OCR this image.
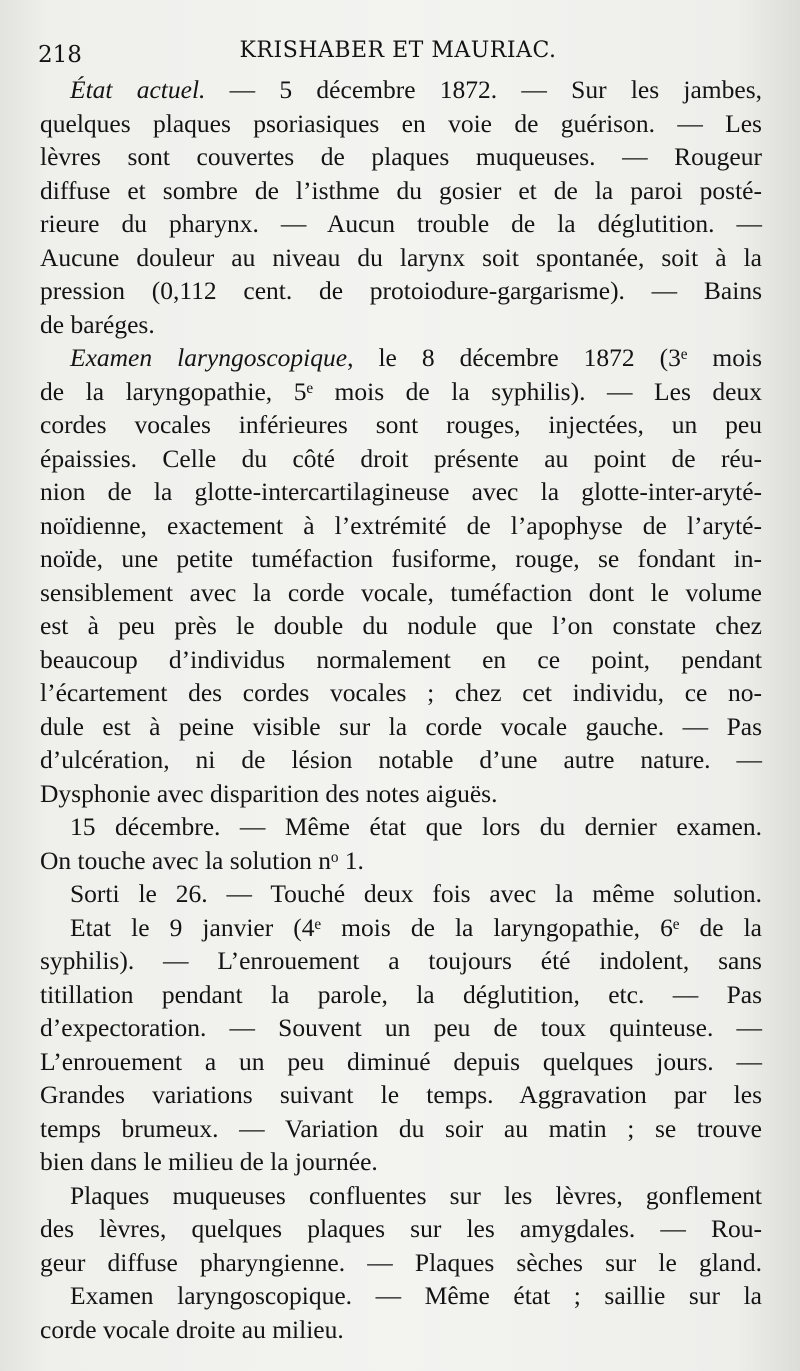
218	KRISHABER ET MAURIAC.
État actuel. — 5 décembre 1872. — Sur les jambes,
quelques plaques psoriasiques en voie de guérison. — Les
lèvres sont couvertes de plaques muqueuses. — Rougeur
diffuse et sombre de l’isthme du gosier et de la paroi posté-
rieure du pharynx. — Aucun trouble de la déglutition. —
Aucune douleur au niveau du larynx soit spontanée, soit à la
pression (0,112 cent. de protoiodure-gargarisme). — Bains
de baréges.
Examen laryngoscopique, le 8 décembre 1872 (3ᵉ mois
de la laryngopathie, 5ᵉ mois de la syphilis). — Les deux
cordes vocales inférieures sont rouges, injectées, un peu
épaissies. Celle du côté droit présente au point de réu-
nion de la glotte-intercartilagineuse avec la glotte-inter-aryté-
noïdienne, exactement à l’extrémité de l’apophyse de l’aryté-
noïde, une petite tuméfaction fusiforme, rouge, se fondant in-
sensiblement avec la corde vocale, tuméfaction dont le volume
est à peu près le double du nodule que l’on constate chez
beaucoup d’individus normalement en ce point, pendant
l’écartement des cordes vocales ; chez cet individu, ce no-
dule est à peine visible sur la corde vocale gauche. — Pas
d’ulcération, ni de lésion notable d’une autre nature. —
Dysphonie avec disparition des notes aiguës.
15 décembre. — Même état que lors du dernier examen.
On touche avec la solution nᵒ 1.
Sorti le 26. — Touché deux fois avec la même solution.
Etat le 9 janvier (4ᵉ mois de la laryngopathie, 6ᵉ de la
syphilis). — L’enrouement a toujours été indolent, sans
titillation pendant la parole, la déglutition, etc. — Pas
d’expectoration. — Souvent un peu de toux quinteuse. —
L’enrouement a un peu diminué depuis quelques jours. —
Grandes variations suivant le temps. Aggravation par les
temps brumeux. — Variation du soir au matin ; se trouve
bien dans le milieu de la journée.
Plaques muqueuses confluentes sur les lèvres, gonflement
des lèvres, quelques plaques sur les amygdales. — Rou-
geur diffuse pharyngienne. — Plaques sèches sur le gland.
Examen laryngoscopique. — Même état ; saillie sur la
corde vocale droite au milieu.
